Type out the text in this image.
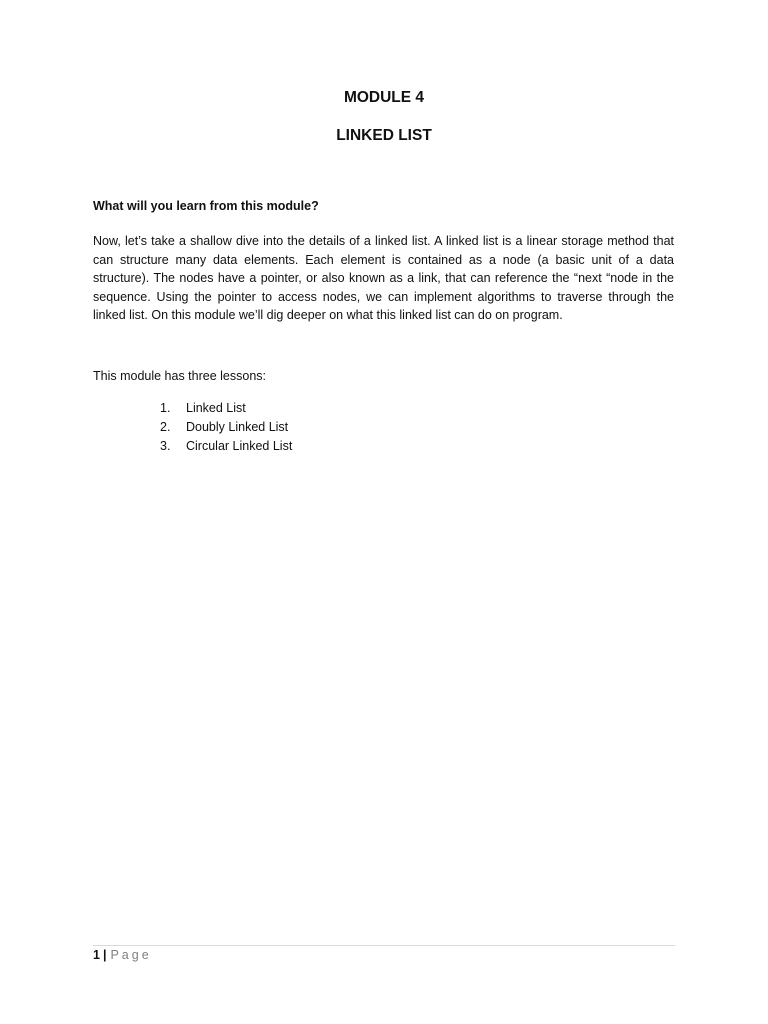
MODULE 4
LINKED LIST

What will you learn from this module?

Now, let’s take a shallow dive into the details of a linked list. A linked list is a linear storage method that can structure many data elements. Each element is contained as a node (a basic unit of a data structure). The nodes have a pointer, or also known as a link, that can reference the “next “node in the sequence. Using the pointer to access nodes, we can implement algorithms to traverse through the linked list. On this module we’ll dig deeper on what this linked list can do on program.

This module has three lessons:

1. Linked List
2. Doubly Linked List
3. Circular Linked List

1 | Page
